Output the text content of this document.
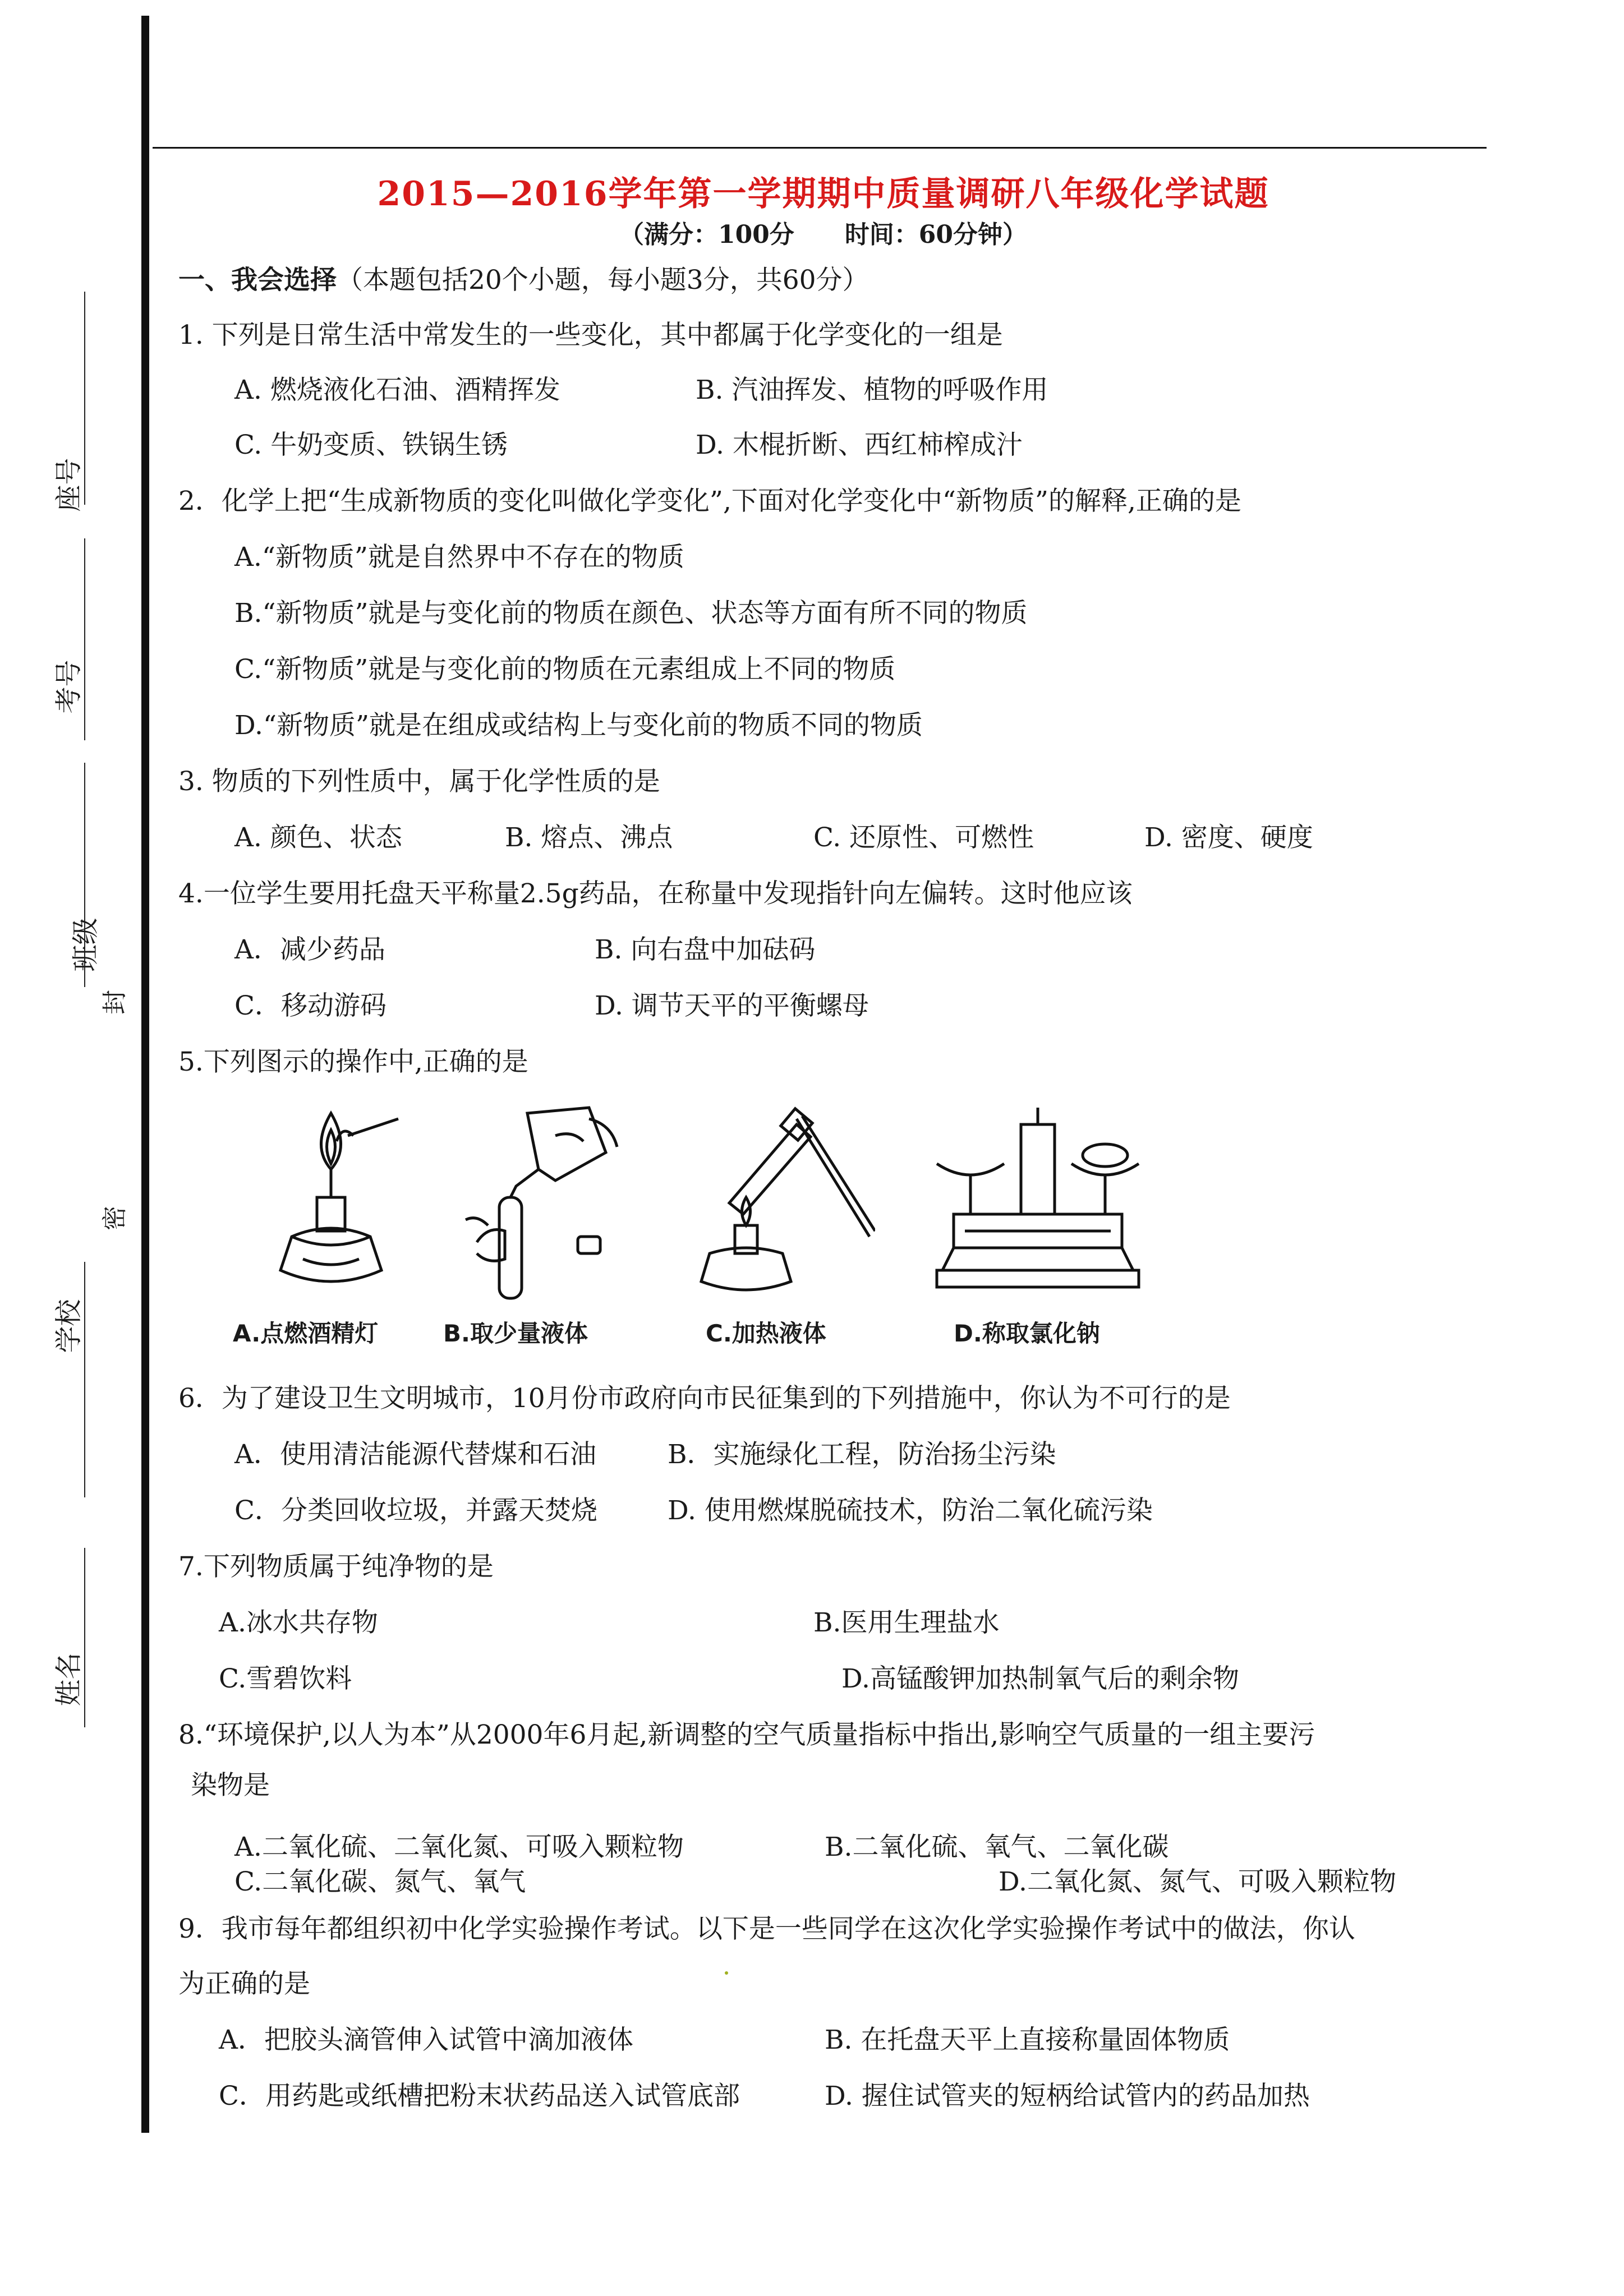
座号
考号
班级
封
密
学校
姓名
2015—2016学年第一学期期中质量调研八年级化学试题
（满分：100分 时间：60分钟）
一、我会选择（本题包括20个小题，每小题3分，共60分）
1. 下列是日常生活中常发生的一些变化，其中都属于化学变化的一组是
A. 燃烧液化石油、酒精挥发	B. 汽油挥发、植物的呼吸作用
C. 牛奶变质、铁锅生锈	D. 木棍折断、西红柿榨成汁
2．化学上把“生成新物质的变化叫做化学变化”,下面对化学变化中“新物质”的解释,正确的是
A.“新物质”就是自然界中不存在的物质
B.“新物质”就是与变化前的物质在颜色、状态等方面有所不同的物质
C.“新物质”就是与变化前的物质在元素组成上不同的物质
D.“新物质”就是在组成或结构上与变化前的物质不同的物质
3. 物质的下列性质中，属于化学性质的是
A. 颜色、状态	B. 熔点、沸点	C. 还原性、可燃性	D. 密度、硬度
4.一位学生要用托盘天平称量2.5g药品，在称量中发现指针向左偏转。这时他应该
A．减少药品	B. 向右盘中加砝码
C．移动游码	D. 调节天平的平衡螺母
5.下列图示的操作中,正确的是
A.点燃酒精灯	B.取少量液体	C.加热液体	D.称取氯化钠
6．为了建设卫生文明城市，10月份市政府向市民征集到的下列措施中，你认为不可行的是
A．使用清洁能源代替煤和石油	B．实施绿化工程，防治扬尘污染
C．分类回收垃圾，并露天焚烧	D. 使用燃煤脱硫技术，防治二氧化硫污染
7.下列物质属于纯净物的是
A.冰水共存物	B.医用生理盐水
C.雪碧饮料	D.高锰酸钾加热制氧气后的剩余物
8.“环境保护,以人为本”从2000年6月起,新调整的空气质量指标中指出,影响空气质量的一组主要污
染物是
A.二氧化硫、二氧化氮、可吸入颗粒物	B.二氧化硫、氧气、二氧化碳
C.二氧化碳、氮气、氧气	D.二氧化氮、氮气、可吸入颗粒物
9．我市每年都组织初中化学实验操作考试。以下是一些同学在这次化学实验操作考试中的做法，你认
为正确的是
A．把胶头滴管伸入试管中滴加液体	B. 在托盘天平上直接称量固体物质
C．用药匙或纸槽把粉末状药品送入试管底部	D. 握住试管夹的短柄给试管内的药品加热
